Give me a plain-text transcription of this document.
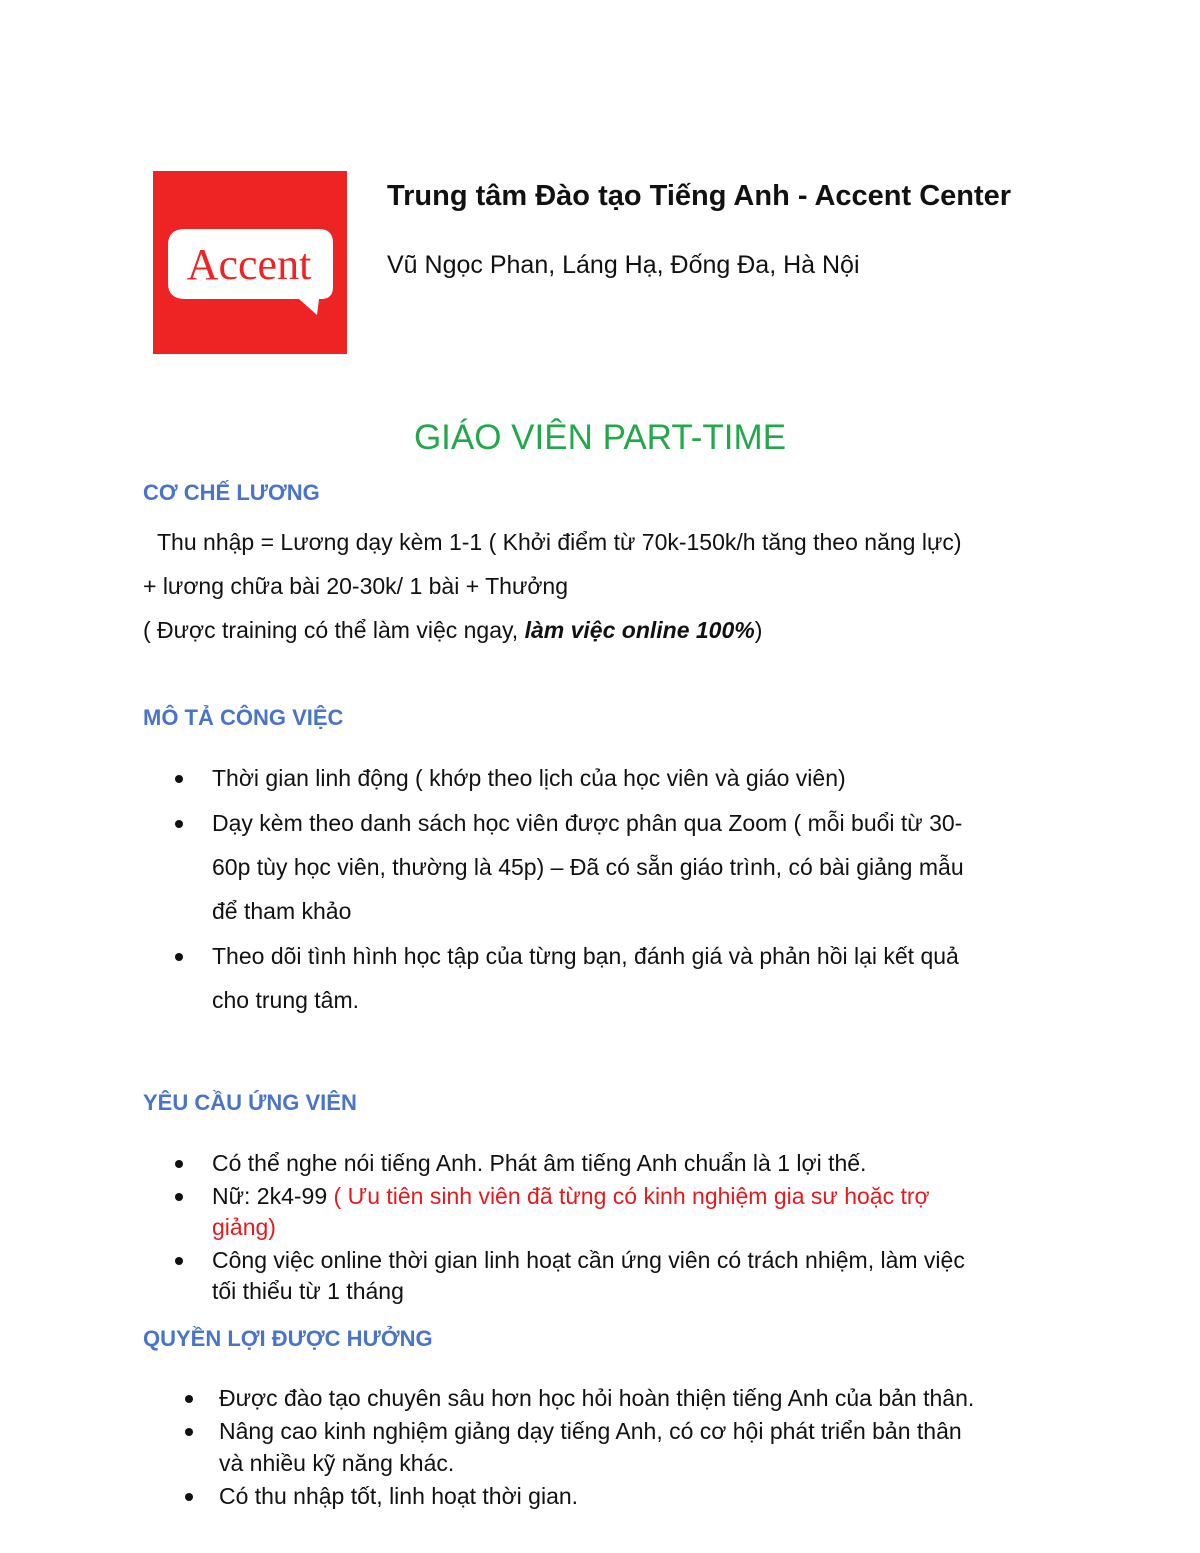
Accent
Trung tâm Đào tạo Tiếng Anh - Accent Center
Vũ Ngọc Phan, Láng Hạ, Đống Đa, Hà Nội
GIÁO VIÊN PART-TIME
CƠ CHẾ LƯƠNG
Thu nhập = Lương dạy kèm 1-1 ( Khởi điểm từ 70k-150k/h tăng theo năng lực)
+ lương chữa bài 20-30k/ 1 bài + Thưởng
( Được training có thể làm việc ngay, làm việc online 100%)
MÔ TẢ CÔNG VIỆC
Thời gian linh động ( khớp theo lịch của học viên và giáo viên)
Dạy kèm theo danh sách học viên được phân qua Zoom ( mỗi buổi từ 30-
60p tùy học viên, thường là 45p) – Đã có sẵn giáo trình, có bài giảng mẫu
để tham khảo
Theo dõi tình hình học tập của từng bạn, đánh giá và phản hồi lại kết quả
cho trung tâm.
YÊU CẦU ỨNG VIÊN
Có thể nghe nói tiếng Anh. Phát âm tiếng Anh chuẩn là 1 lợi thế.
Nữ: 2k4-99 ( Ưu tiên sinh viên đã từng có kinh nghiệm gia sư hoặc trợ
giảng)
Công việc online thời gian linh hoạt cần ứng viên có trách nhiệm, làm việc
tối thiểu từ 1 tháng
QUYỀN LỢI ĐƯỢC HƯỞNG
Được đào tạo chuyên sâu hơn học hỏi hoàn thiện tiếng Anh của bản thân.
Nâng cao kinh nghiệm giảng dạy tiếng Anh, có cơ hội phát triển bản thân
và nhiều kỹ năng khác.
Có thu nhập tốt, linh hoạt thời gian.
